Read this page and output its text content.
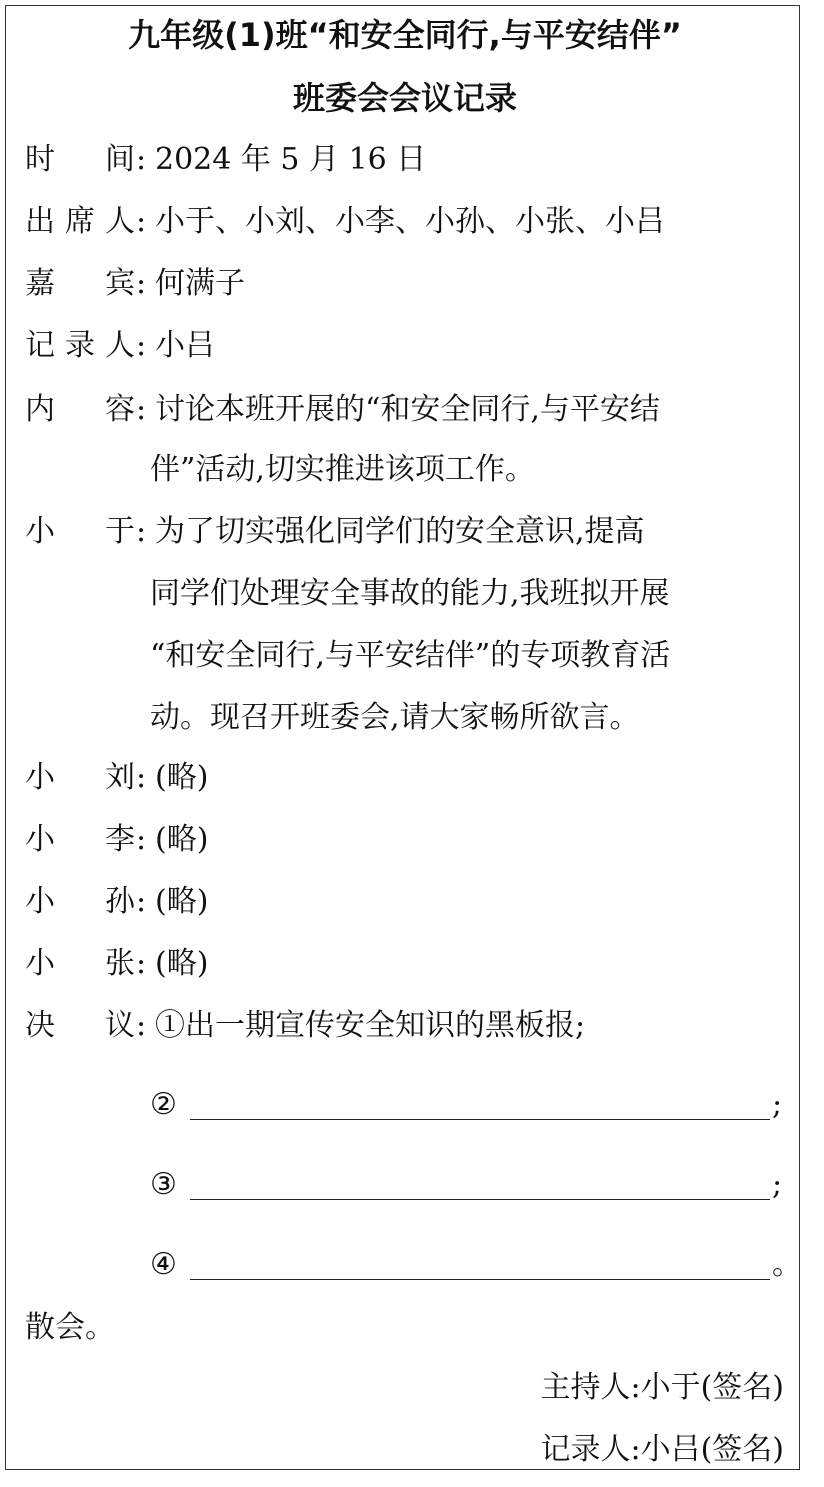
九年级(1)班“和安全同行,与平安结伴”
班委会会议记录
时 间 : 2024 年 5 月 16 日
出 席 人 : 小于、小刘、小李、小孙、小张、小吕
嘉 宾 : 何满子
记 录 人 : 小吕
内 容 : 讨论本班开展的“和安全同行,与平安结
伴”活动,切实推进该项工作。
小 于 : 为了切实强化同学们的安全意识,提高
同学们处理安全事故的能力,我班拟开展
“和安全同行,与平安结伴”的专项教育活
动。现召开班委会,请大家畅所欲言。
小 刘 : (略)
小 李 : (略)
小 孙 : (略)
小 张 : (略)
决 议 : ①出一期宣传安全知识的黑板报;
②	;
③	;
④	。
散会。
主持人:小于(签名)
记录人:小吕(签名)
